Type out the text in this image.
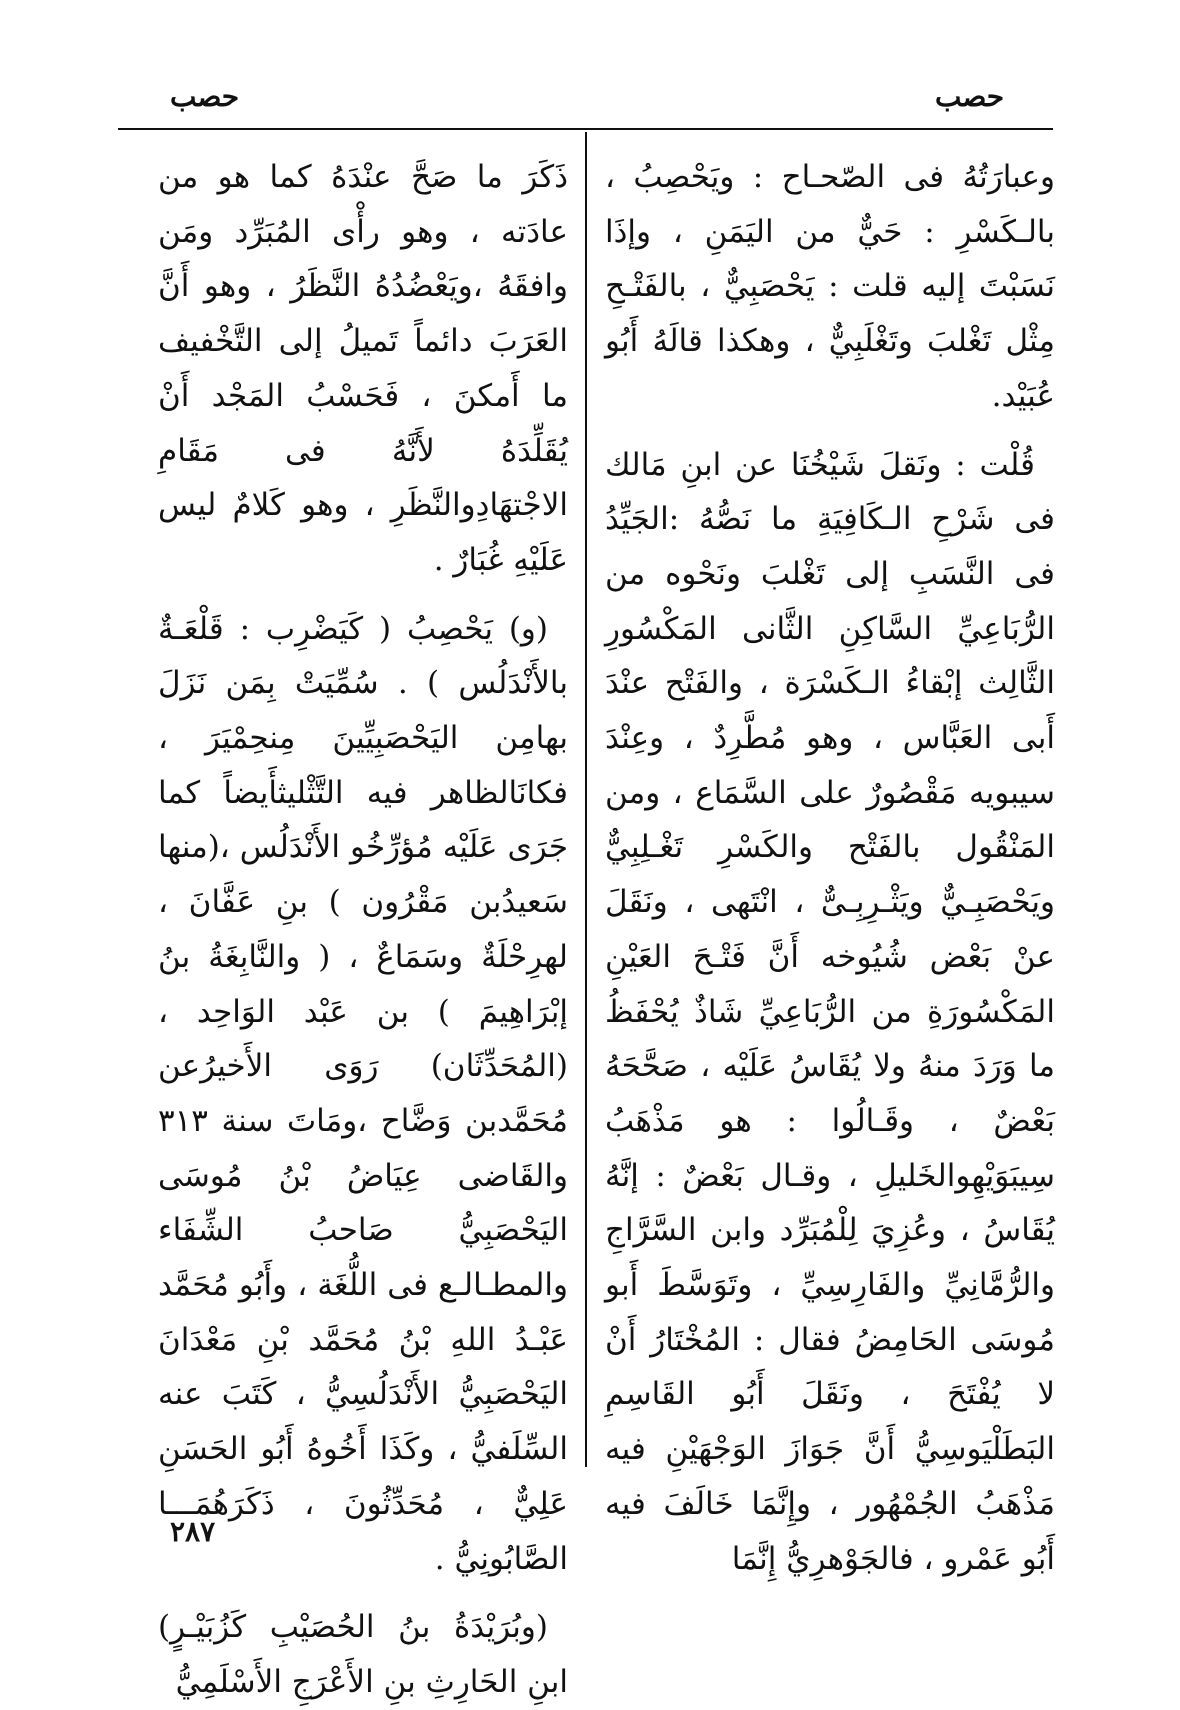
حصب
حصب

وعبارَتُهُ فى الصّحـاح : ويَحْصِبُ ، بالـكَسْرِ : حَيٌّ من اليَمَنِ ، وإذَا نَسَبْتَ إليه قلت : يَحْصَبِيٌّ ، بالفَتْـحِ مِثْل تَغْلبَ وتَغْلَبِيٌّ ، وهكذا قالَهُ أَبُو عُبَيْد.

قُلْت : ونَقلَ شَيْخُنَا عن ابنِ مَالك فى شَرْحِ الـكَافِيَةِ ما نَصُّهُ :الجَيِّدُ فى النَّسَبِ إلى تَغْلبَ ونَحْوه من الرُّبَاعِيِّ السَّاكِنِ الثَّانى المَكْسُورِ الثَّالِث إبْقاءُ الـكَسْرَة ، والفَتْح عنْدَ أَبى العَبَّاس ، وهو مُطَّرِدٌ ، وعِنْدَ سيبويه مَقْصُورٌ على السَّمَاع ، ومن المَنْقُول بالفَتْح والكَسْرِ تَغْـلِبِيٌّ ويَحْصَبِـيٌّ ويَثْـرِبِـىٌّ ، انْتَهى ، ونَقَلَ عنْ بَعْض شُيُوخه أَنَّ فَتْـحَ العَيْنِ المَكْسُورَةِ من الرُّبَاعِيِّ شَاذٌ يُحْفَظُ ما وَرَدَ منهُ ولا يُقَاسُ عَلَيْه ، صَحَّحَهُ بَعْضٌ ، وقَـالُوا : هو مَذْهَبُ سِيبَوَيْهِوالخَليلِ ، وقـال بَعْضٌ : إنَّهُ يُقَاسُ ، وعُزِيَ لِلْمُبَرِّد وابن السَّرَّاجِ والرُّمَّانِيِّ والفَارِسِيِّ ، وتَوَسَّطَ أَبو مُوسَى الحَامِضُ فقال : المُخْتَارُ أَنْ لا يُفْتَحَ ، ونَقَلَ أَبُو القَاسِمِ البَطَلْيَوسِيُّ أَنَّ جَوَازَ الوَجْهَيْنِ فيه مَذْهَبُ الجُمْهُور ، وإِنَّمَا خَالَفَ فيه أَبُو عَمْرو ، فالجَوْهرِيُّ إِنَّمَا

ذَكَرَ ما صَحَّ عنْدَهُ كما هو من عادَته ، وهو رأْى المُبَرِّد ومَن وافقَهُ ،ويَعْضُدُهُ النَّظَرُ ، وهو أَنَّ العَرَبَ دائماً تَميلُ إلى التَّخْفيف ما أَمكنَ ، فَحَسْبُ المَجْد أَنْ يُقَلِّدَهُ لأَنَّهُ فى مَقَامِ الاجْتهَادِوالنَّظَرِ ، وهو كَلامٌ ليس عَلَيْهِ غُبَارٌ .

(و) يَحْصِبُ ( كَيَضْرِب : قَلْعَـةٌ بالأَنْدَلُس ) . سُمِّيَتْ بِمَن نَزَلَ بهامِن اليَحْصَبِيِّينَ مِنحِمْيَرَ ، فكانَالظاهر فيه التَّثْليثأَيضاً كما جَرَى عَلَيْه مُؤرِّخُو الأَنْدَلُس ،(منها سَعيدُبن مَقْرُون ) بنِ عَفَّانَ ، لهرِحْلَةٌ وسَمَاعٌ ، ( والنَّابِغَةُ بنُ إبْرَاهِيمَ ) بن عَبْد الوَاحِد ، (المُحَدِّثَان) رَوَى الأَخيرُعن مُحَمَّدبن وَضَّاح ،ومَاتَ سنة ٣١٣ والقَاضى عِيَاضُ بْنُ مُوسَى اليَحْصَبِيُّ صَاحبُ الشِّفَاء والمطـالـع فى اللُّغَة ، وأَبُو مُحَمَّد عَبْـدُ اللهِ بْنُ مُحَمَّد بْنِ مَعْدَانَ اليَحْصَبِيُّ الأَنْدَلُسِيُّ ، كَتَبَ عنه السِّلَفيُّ ، وكَذَا أَخُوهُ أَبُو الحَسَنِ عَلِيٌّ ، مُحَدِّثُونَ ، ذَكَرَهُمَـــا الصَّابُونِيُّ .

(وبُرَيْدَةُ بنُ الحُصَيْبِ كَزُبَيْـرٍ) ابنِ الحَارِثِ بنِ الأَعْرَجِ الأَسْلَمِيُّ

٢٨٧
